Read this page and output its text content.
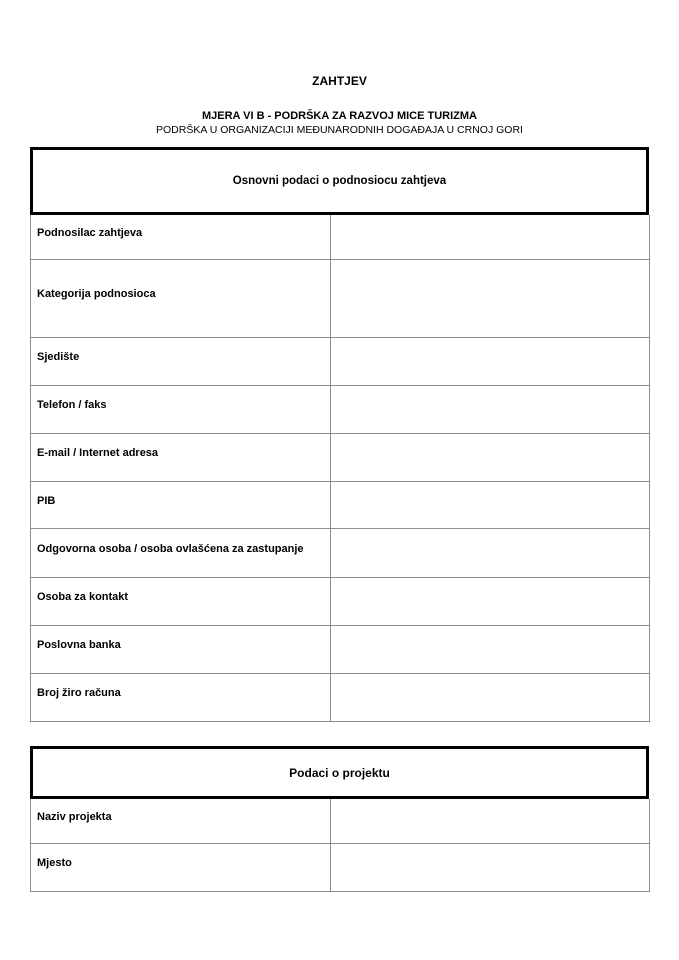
ZAHTJEV
MJERA VI B - PODRŠKA ZA RAZVOJ MICE TURIZMA
PODRŠKA U ORGANIZACIJI MEĐUNARODNIH DOGAĐAJA U CRNOJ GORI
Osnovni podaci o podnosiocu zahtjeva
Podnosilac zahtjeva	
Kategorija podnosioca	
Sjedište	
Telefon / faks	
E-mail / Internet adresa	
PIB	
Odgovorna osoba / osoba ovlašćena za zastupanje	
Osoba za kontakt	
Poslovna banka	
Broj žiro računa	
Podaci o projektu
Naziv projekta	
Mjesto	
